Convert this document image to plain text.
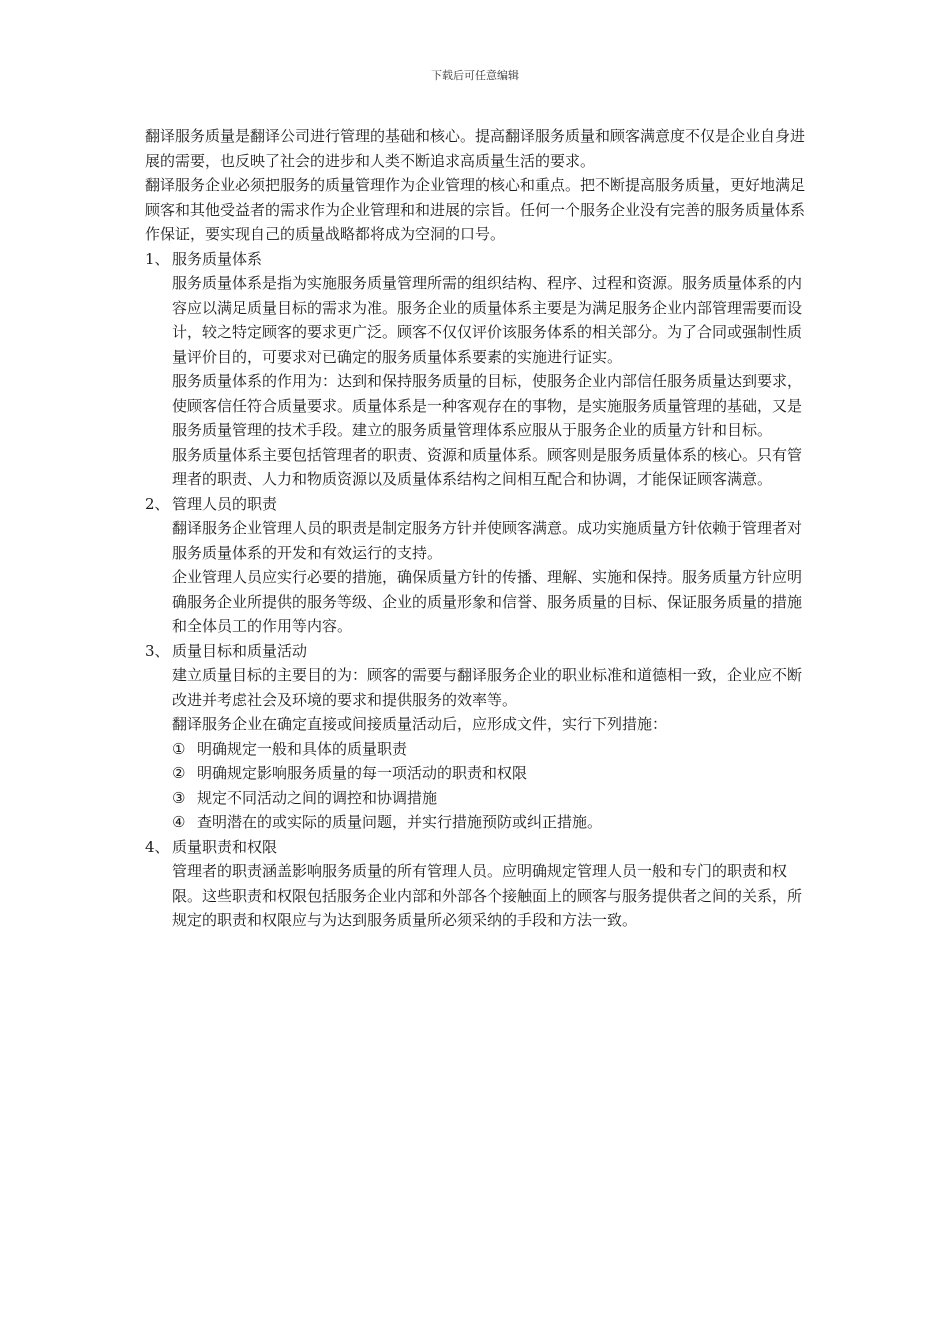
下载后可任意编辑

翻译服务质量是翻译公司进行管理的基础和核心。提高翻译服务质量和顾客满意度不仅是企业自身进展的需要，也反映了社会的进步和人类不断追求高质量生活的要求。

翻译服务企业必须把服务的质量管理作为企业管理的核心和重点。把不断提高服务质量，更好地满足顾客和其他受益者的需求作为企业管理和和进展的宗旨。任何一个服务企业没有完善的服务质量体系作保证，要实现自己的质量战略都将成为空洞的口号。

1、 服务质量体系

服务质量体系是指为实施服务质量管理所需的组织结构、程序、过程和资源。服务质量体系的内容应以满足质量目标的需求为准。服务企业的质量体系主要是为满足服务企业内部管理需要而设计，较之特定顾客的要求更广泛。顾客不仅仅评价该服务体系的相关部分。为了合同或强制性质量评价目的，可要求对已确定的服务质量体系要素的实施进行证实。

服务质量体系的作用为：达到和保持服务质量的目标，使服务企业内部信任服务质量达到要求，使顾客信任符合质量要求。质量体系是一种客观存在的事物，是实施服务质量管理的基础，又是服务质量管理的技术手段。建立的服务质量管理体系应服从于服务企业的质量方针和目标。

服务质量体系主要包括管理者的职责、资源和质量体系。顾客则是服务质量体系的核心。只有管理者的职责、人力和物质资源以及质量体系结构之间相互配合和协调，才能保证顾客满意。

2、 管理人员的职责

翻译服务企业管理人员的职责是制定服务方针并使顾客满意。成功实施质量方针依赖于管理者对服务质量体系的开发和有效运行的支持。

企业管理人员应实行必要的措施，确保质量方针的传播、理解、实施和保持。服务质量方针应明确服务企业所提供的服务等级、企业的质量形象和信誉、服务质量的目标、保证服务质量的措施和全体员工的作用等内容。

3、 质量目标和质量活动

建立质量目标的主要目的为：顾客的需要与翻译服务企业的职业标准和道德相一致，企业应不断改进并考虑社会及环境的要求和提供服务的效率等。

翻译服务企业在确定直接或间接质量活动后，应形成文件，实行下列措施：

① 明确规定一般和具体的质量职责

② 明确规定影响服务质量的每一项活动的职责和权限

③ 规定不同活动之间的调控和协调措施

④ 查明潜在的或实际的质量问题，并实行措施预防或纠正措施。

4、 质量职责和权限

管理者的职责涵盖影响服务质量的所有管理人员。应明确规定管理人员一般和专门的职责和权限。这些职责和权限包括服务企业内部和外部各个接触面上的顾客与服务提供者之间的关系，所规定的职责和权限应与为达到服务质量所必须采纳的手段和方法一致。
